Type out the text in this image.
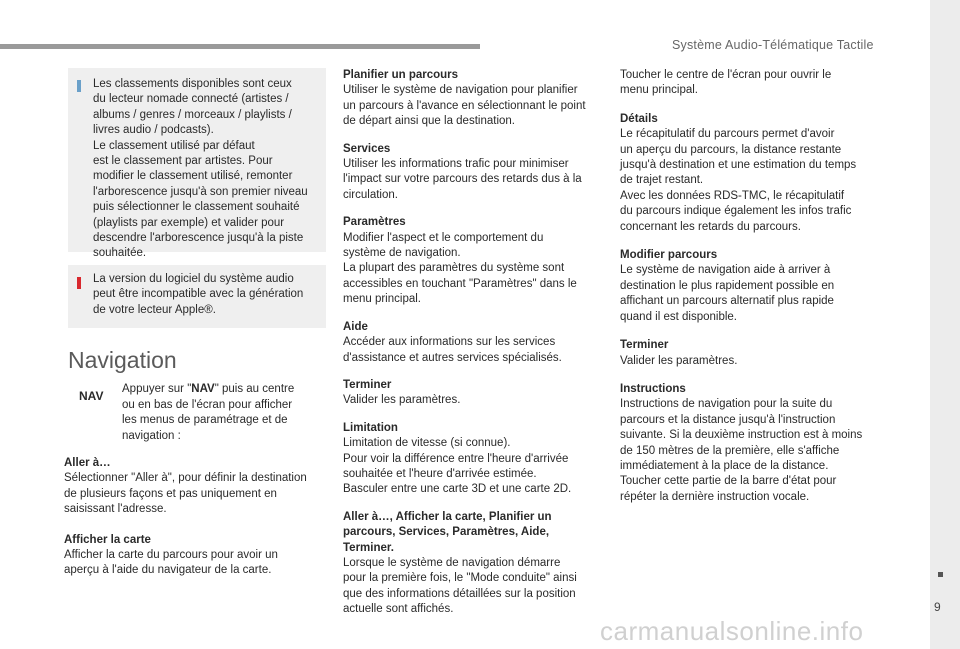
Système Audio-Télématique Tactile
9
carmanualsonline.info

Les classements disponibles sont ceux
du lecteur nomade connecté (artistes /
albums / genres / morceaux / playlists /
livres audio / podcasts).
Le classement utilisé par défaut
est le classement par artistes. Pour
modifier le classement utilisé, remonter
l'arborescence jusqu'à son premier niveau
puis sélectionner le classement souhaité
(playlists par exemple) et valider pour
descendre l'arborescence jusqu'à la piste
souhaitée.

La version du logiciel du système audio
peut être incompatible avec la génération
de votre lecteur Apple®.

Navigation
NAV	Appuyer sur "NAV" puis au centre
ou en bas de l'écran pour afficher
les menus de paramétrage et de
navigation :
Aller à…

Sélectionner "Aller à", pour définir la destination
de plusieurs façons et pas uniquement en
saisissant l'adresse.

Afficher la carte

Afficher la carte du parcours pour avoir un
aperçu à l'aide du navigateur de la carte.

Planifier un parcours

Utiliser le système de navigation pour planifier
un parcours à l'avance en sélectionnant le point
de départ ainsi que la destination.

Services

Utiliser les informations trafic pour minimiser
l'impact sur votre parcours des retards dus à la
circulation.

Paramètres

Modifier l'aspect et le comportement du
système de navigation.
La plupart des paramètres du système sont
accessibles en touchant "Paramètres" dans le
menu principal.

Aide

Accéder aux informations sur les services
d'assistance et autres services spécialisés.

Terminer

Valider les paramètres.

Limitation

Limitation de vitesse (si connue).
Pour voir la différence entre l'heure d'arrivée
souhaitée et l'heure d'arrivée estimée.
Basculer entre une carte 3D et une carte 2D.

Aller à…, Afficher la carte, Planifier un
parcours, Services, Paramètres, Aide,
Terminer.

Lorsque le système de navigation démarre
pour la première fois, le "Mode conduite" ainsi
que des informations détaillées sur la position
actuelle sont affichés.

Toucher le centre de l'écran pour ouvrir le
menu principal.

Détails

Le récapitulatif du parcours permet d'avoir
un aperçu du parcours, la distance restante
jusqu'à destination et une estimation du temps
de trajet restant.
Avec les données RDS-TMC, le récapitulatif
du parcours indique également les infos trafic
concernant les retards du parcours.

Modifier parcours

Le système de navigation aide à arriver à
destination le plus rapidement possible en
affichant un parcours alternatif plus rapide
quand il est disponible.

Terminer

Valider les paramètres.

Instructions

Instructions de navigation pour la suite du
parcours et la distance jusqu'à l'instruction
suivante. Si la deuxième instruction est à moins
de 150 mètres de la première, elle s'affiche
immédiatement à la place de la distance.
Toucher cette partie de la barre d'état pour
répéter la dernière instruction vocale.
